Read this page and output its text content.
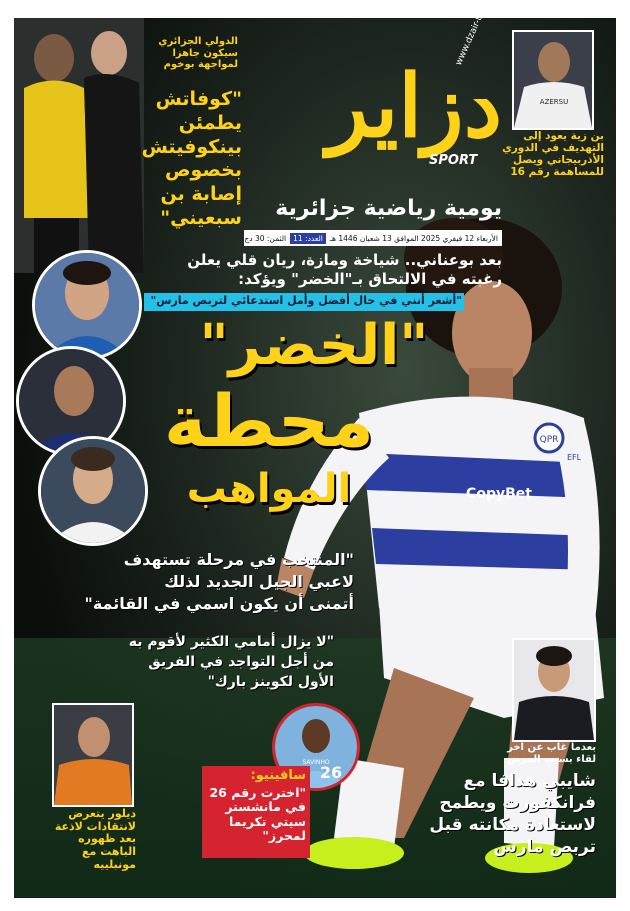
QPR
CopyBet
EFL
الدولي الجزائري سيكون جاهزا لمواجهة بوخوم
"كوفاتش يطمئن بينكوفيتش بخصوص إصابة بن سبعيني"
دزاير
SPORT
يومية رياضية جزائرية
الأربعاء 12 فيفري 2025 الموافق 13 شعبان 1446 هـ
العدد: 11
الثمن: 30 دج
AZERSU
بن زية يعود إلى التهديف في الدوري الأذربيجاني ويصل للمساهمة رقم 16
بعد بوعناني.. شياخة ومازة، ريان قلي يعلن
رغبته في الالتحاق بـ"الخضر" ويؤكد:
"أشعر أنني في حال أفضل وأمل استدعائي لتربص مارس"
"الخضر"
محطة
المواهب
"المنتخب في مرحلة تستهدف
لاعبي الجيل الجديد لذلك
أتمنى أن يكون اسمي في القائمة"
"لا يزال أمامي الكثير لأقوم به
من أجل التواجد في الفريق
الأول لكوينز بارك"
ديلور يتعرض لانتقادات لاذعة بعد ظهوره الباهت مع مونبلييه
26
SAVINHO
سافينيو:
"اخترت رقم 26 في مانشستر سيتي تكريما لمحرز"
بعدما غاب عن آخر لقاء بسبب المرض
شايبي هدافا مع فرانكفورت ويطمح لاستعادة مكانته قبل تربص مارس
